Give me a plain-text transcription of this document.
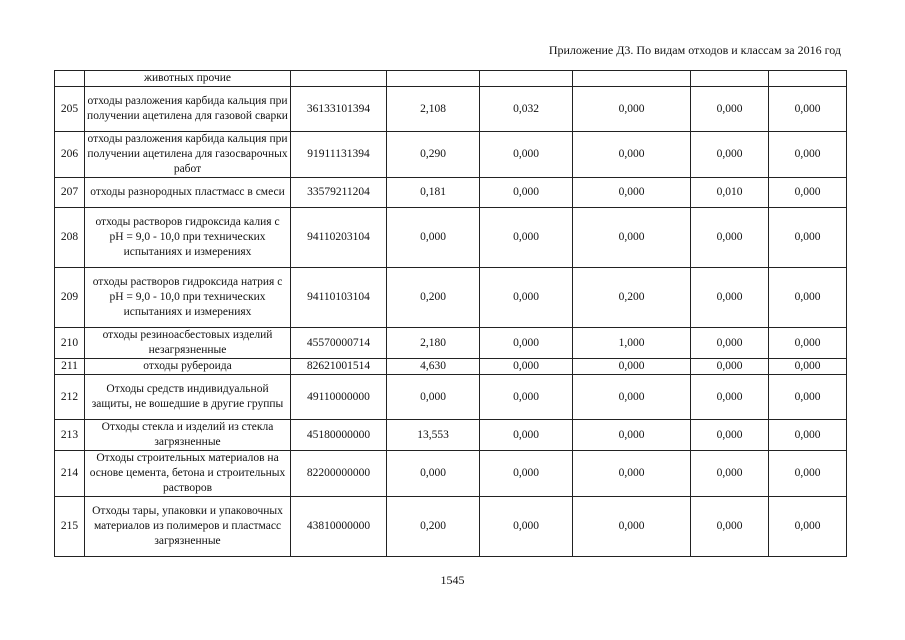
Приложение Д3. По видам отходов и классам за 2016 год
	животных прочие						
205	отходы разложения карбида кальция при получении ацетилена для газовой сварки	36133101394	2,108	0,032	0,000	0,000	0,000
206	отходы разложения карбида кальция при получении ацетилена для газосварочных работ	91911131394	0,290	0,000	0,000	0,000	0,000
207	отходы разнородных пластмасс в смеси	33579211204	0,181	0,000	0,000	0,010	0,000
208	отходы растворов гидроксида калия с рН = 9,0 - 10,0 при технических испытаниях и измерениях	94110203104	0,000	0,000	0,000	0,000	0,000
209	отходы растворов гидроксида натрия с рН = 9,0 - 10,0 при технических испытаниях и измерениях	94110103104	0,200	0,000	0,200	0,000	0,000
210	отходы резиноасбестовых изделий незагрязненные	45570000714	2,180	0,000	1,000	0,000	0,000
211	отходы рубероида	82621001514	4,630	0,000	0,000	0,000	0,000
212	Отходы средств индивидуальной защиты, не вошедшие в другие группы	49110000000	0,000	0,000	0,000	0,000	0,000
213	Отходы стекла и изделий из стекла загрязненные	45180000000	13,553	0,000	0,000	0,000	0,000
214	Отходы строительных материалов на основе цемента, бетона и строительных растворов	82200000000	0,000	0,000	0,000	0,000	0,000
215	Отходы тары, упаковки и упаковочных материалов из полимеров и пластмасс загрязненные	43810000000	0,200	0,000	0,000	0,000	0,000
1545
